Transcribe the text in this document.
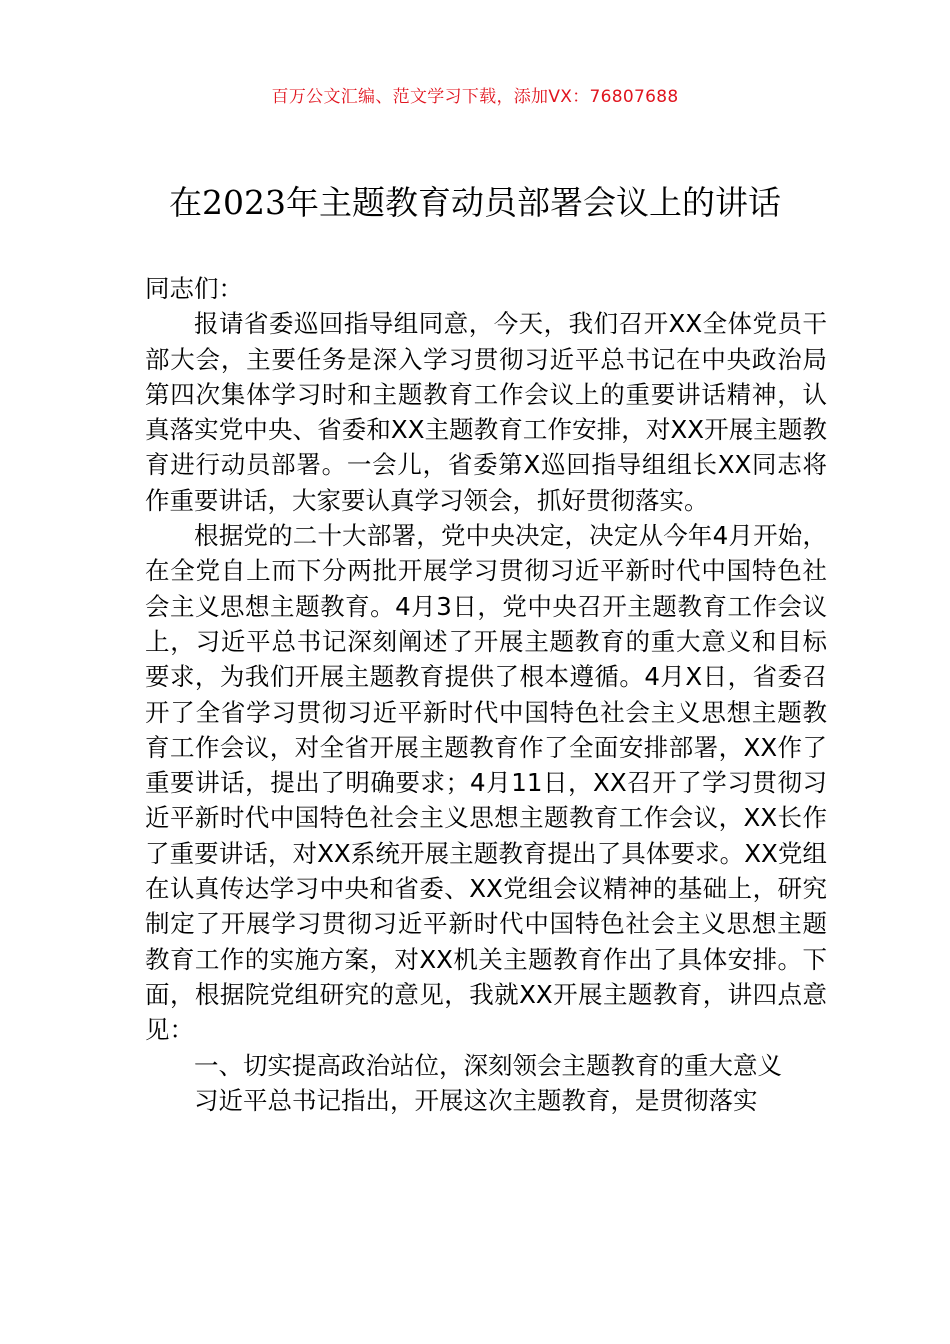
百万公文汇编、范文学习下载，添加VX：76807688
在2023年主题教育动员部署会议上的讲话

同志们：

报请省委巡回指导组同意，今天，我们召开XX全体党员干部大会，主要任务是深入学习贯彻习近平总书记在中央政治局第四次集体学习时和主题教育工作会议上的重要讲话精神，认真落实党中央、省委和XX主题教育工作安排，对XX开展主题教育进行动员部署。一会儿，省委第X巡回指导组组长XX同志将作重要讲话，大家要认真学习领会，抓好贯彻落实。

根据党的二十大部署，党中央决定，决定从今年4月开始，在全党自上而下分两批开展学习贯彻习近平新时代中国特色社会主义思想主题教育。4月3日，党中央召开主题教育工作会议上，习近平总书记深刻阐述了开展主题教育的重大意义和目标要求，为我们开展主题教育提供了根本遵循。4月X日，省委召开了全省学习贯彻习近平新时代中国特色社会主义思想主题教育工作会议，对全省开展主题教育作了全面安排部署，XX作了重要讲话，提出了明确要求；4月11日，XX召开了学习贯彻习近平新时代中国特色社会主义思想主题教育工作会议，XX长作了重要讲话，对XX系统开展主题教育提出了具体要求。XX党组在认真传达学习中央和省委、XX党组会议精神的基础上，研究制定了开展学习贯彻习近平新时代中国特色社会主义思想主题教育工作的实施方案，对XX机关主题教育作出了具体安排。下面，根据院党组研究的意见，我就XX开展主题教育，讲四点意见：

一、切实提高政治站位，深刻领会主题教育的重大意义

习近平总书记指出，开展这次主题教育，是贯彻落实
